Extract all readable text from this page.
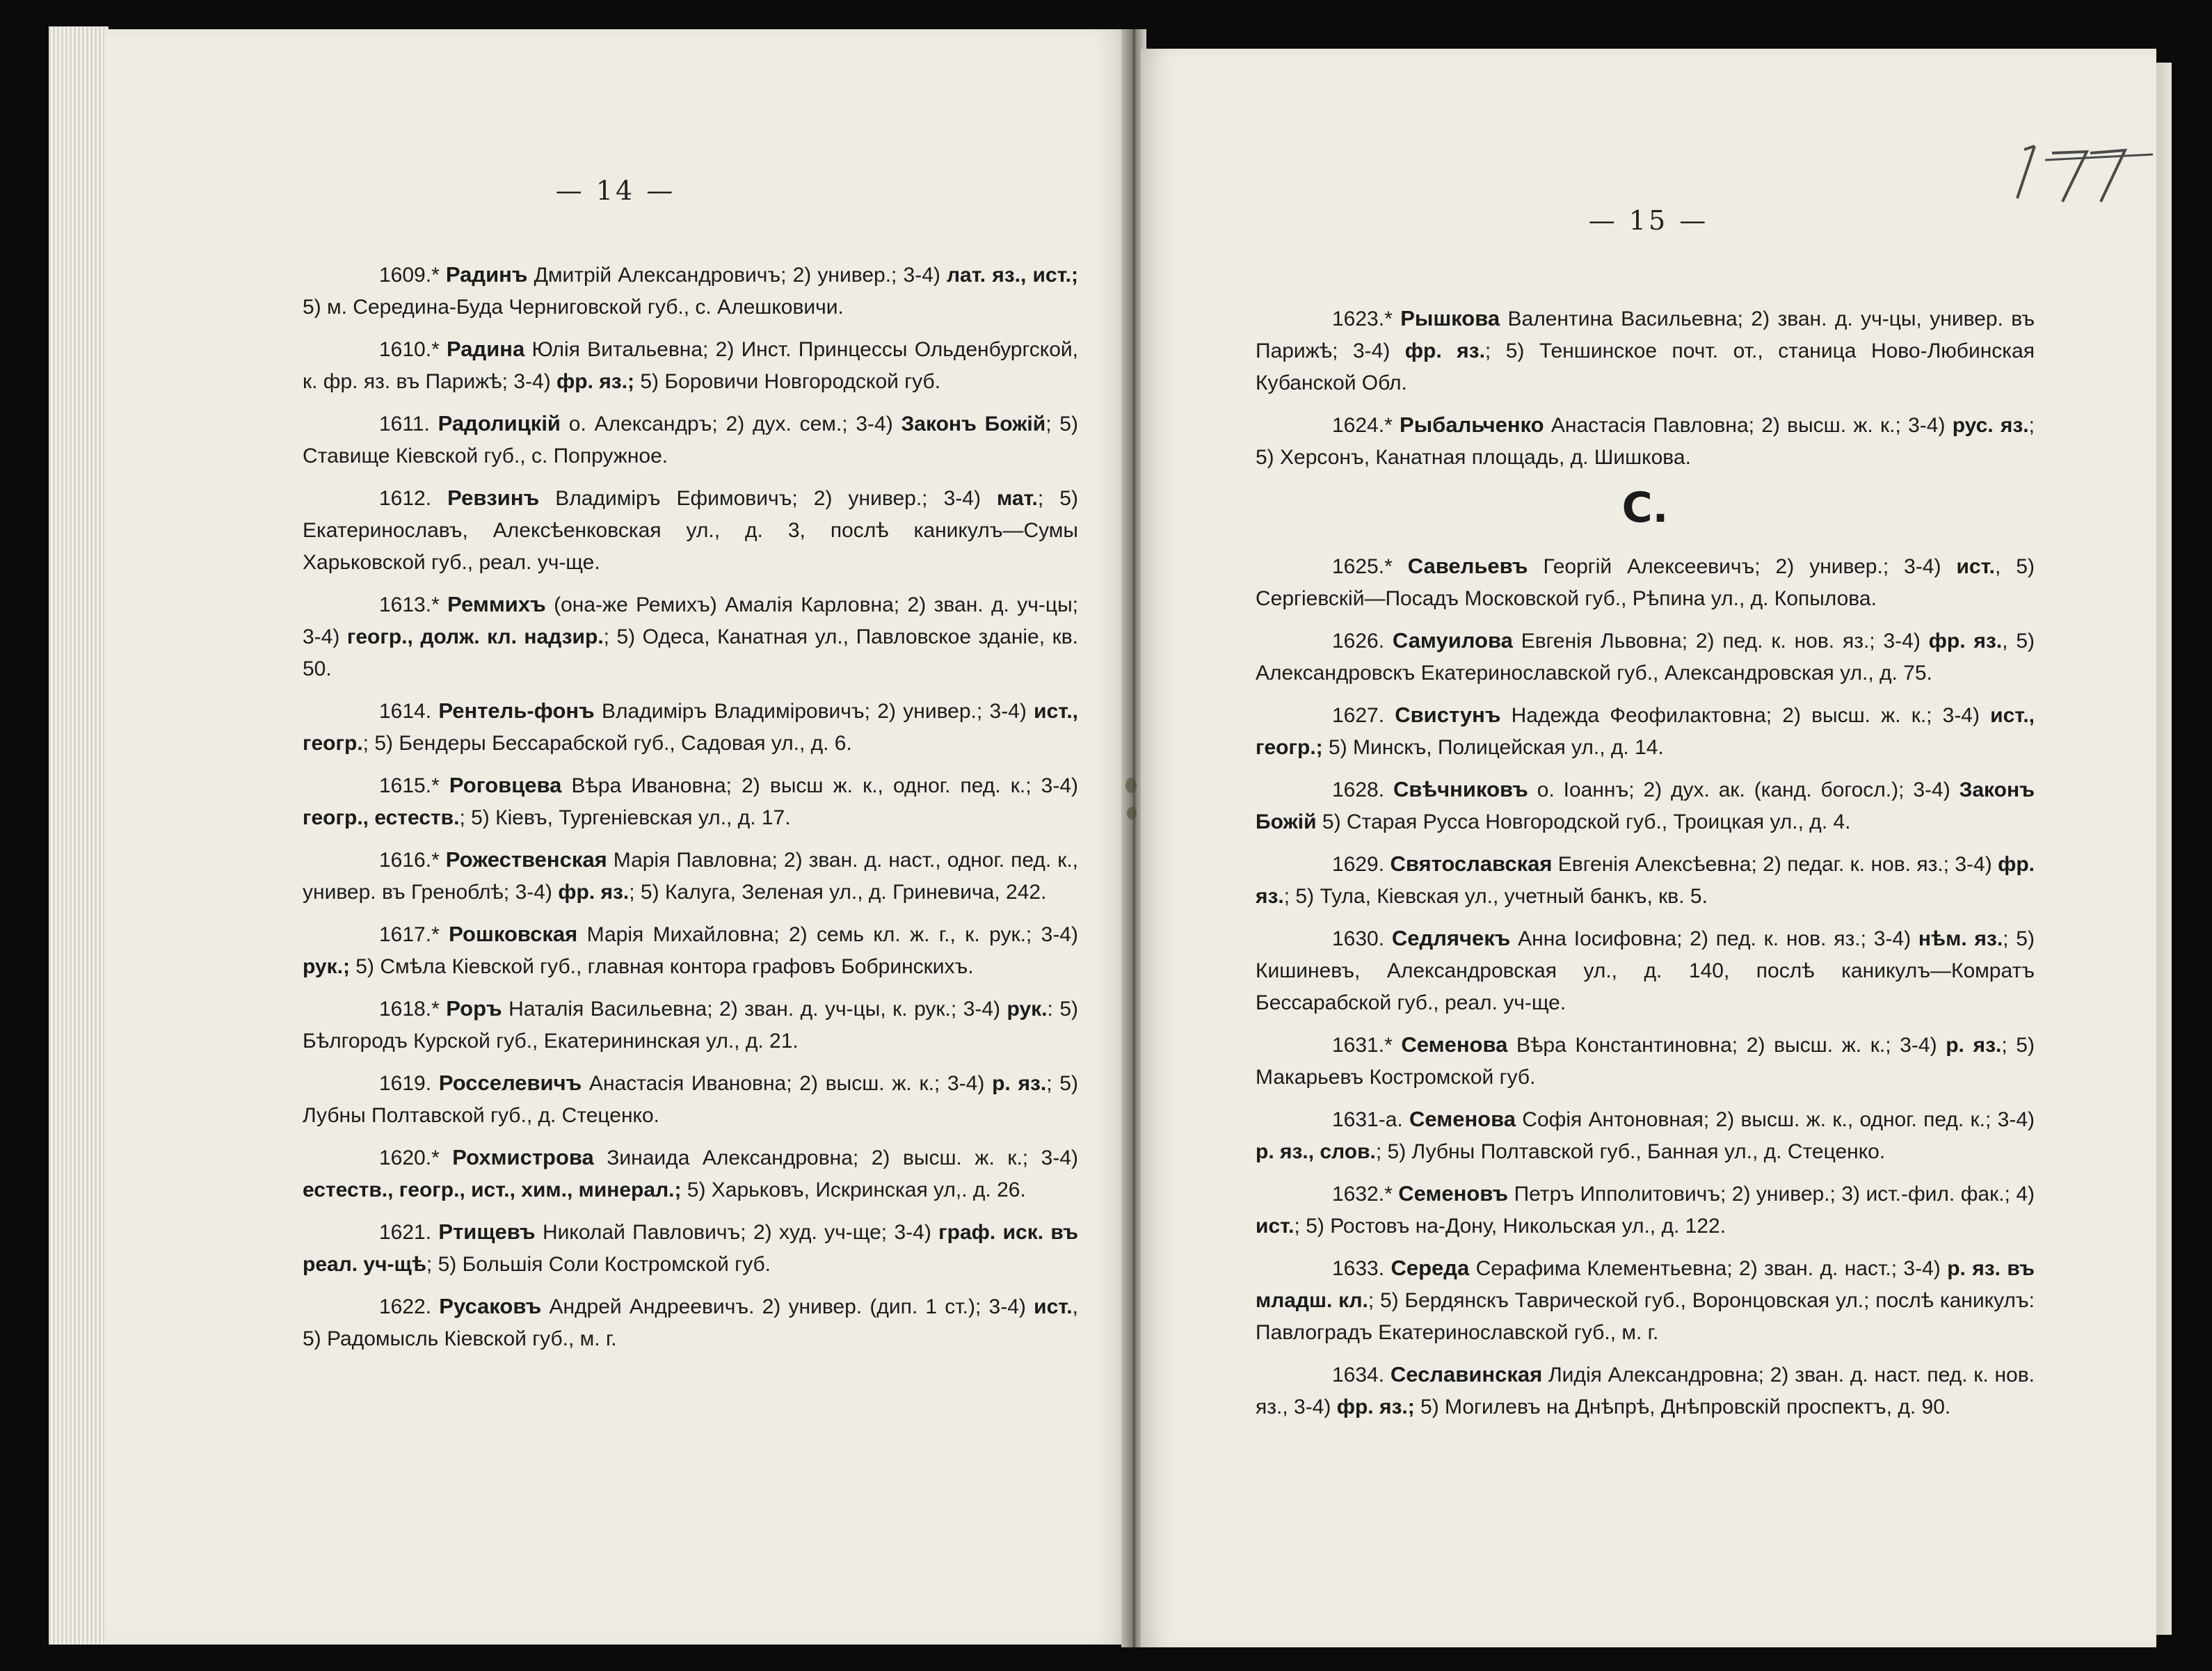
— 14 —

1609.* Радинъ Дмитрій Александровичъ; 2) универ.; 3-4) лат. яз., ист.; 5) м. Середина-Буда Черниговской губ., с. Алешковичи.

1610.* Радина Юлія Витальевна; 2) Инст. Принцессы Ольденбургской, к. фр. яз. въ Парижѣ; 3-4) фр. яз.; 5) Боровичи Новгородской губ.

1611. Радолицкій о. Александръ; 2) дух. сем.; 3-4) Законъ Божій; 5) Ставище Кіевской губ., с. Попружное.

1612. Ревзинъ Владиміръ Ефимовичъ; 2) универ.; 3-4) мат.; 5) Екатеринославъ, Алексѣенковская ул., д. 3, послѣ каникулъ—Сумы Харьковской губ., реал. уч-ще.

1613.* Реммихъ (она-же Ремихъ) Амалія Карловна; 2) зван. д. уч-цы; 3-4) геогр., долж. кл. надзир.; 5) Одеса, Канатная ул., Павловское зданіе, кв. 50.

1614. Рентель-фонъ Владиміръ Владиміровичъ; 2) универ.; 3-4) ист., геогр.; 5) Бендеры Бессарабской губ., Садовая ул., д. 6.

1615.* Роговцева Вѣра Ивановна; 2) высш ж. к., одног. пед. к.; 3-4) геогр., естеств.; 5) Кіевъ, Тургенiевская ул., д. 17.

1616.* Рожественская Марія Павловна; 2) зван. д. наст., одног. пед. к., универ. въ Греноблѣ; 3-4) фр. яз.; 5) Калуга, Зеленая ул., д. Гриневича, 242.

1617.* Рошковская Марія Михайловна; 2) семь кл. ж. г., к. рук.; 3-4) рук.; 5) Смѣла Кіевской губ., главная контора графовъ Бобринскихъ.

1618.* Роръ Наталія Васильевна; 2) зван. д. уч-цы, к. рук.; 3-4) рук.: 5) Бѣлгородъ Курской губ., Екатерининская ул., д. 21.

1619. Росселевичъ Анастасія Ивановна; 2) высш. ж. к.; 3-4) р. яз.; 5) Лубны Полтавской губ., д. Стеценко.

1620.* Рохмистрова Зинаида Александровна; 2) высш. ж. к.; 3-4) естеств., геогр., ист., хим., минерал.; 5) Харьковъ, Искринская ул,. д. 26.

1621. Ртищевъ Николай Павловичъ; 2) худ. уч-ще; 3-4) граф. иск. въ реал. уч-щѣ; 5) Большiя Соли Костромской губ.

1622. Русаковъ Андрей Андреевичъ. 2) универ. (дип. 1 ст.); 3-4) ист., 5) Радомысль Кіевской губ., м. г.

— 15 —

1623.* Рышкова Валентина Васильевна; 2) зван. д. уч-цы, универ. въ Парижѣ; 3-4) фр. яз.; 5) Теншинское почт. от., станица Ново-Любинская Кубанской Обл.

1624.* Рыбальченко Анастасія Павловна; 2) высш. ж. к.; 3-4) рус. яз.; 5) Херсонъ, Канатная площадь, д. Шишкова.

С.

1625.* Савельевъ Георгій Алексеевичъ; 2) универ.; 3-4) ист., 5) Сергіевскій—Посадъ Московской губ., Рѣпина ул., д. Копылова.

1626. Самуилова Евгенія Львовна; 2) пед. к. нов. яз.; 3-4) фр. яз., 5) Александровскъ Екатеринославской губ., Александровская ул., д. 75.

1627. Свистунъ Надежда Феофилактовна; 2) высш. ж. к.; 3-4) ист., геогр.; 5) Минскъ, Полицейская ул., д. 14.

1628. Свѣчниковъ о. Іоаннъ; 2) дух. ак. (канд. богосл.); 3-4) Законъ Божій 5) Старая Русса Новгородской губ., Троицкая ул., д. 4.

1629. Святославская Евгенія Алексѣевна; 2) педаг. к. нов. яз.; 3-4) фр. яз.; 5) Тула, Кіевская ул., учетный банкъ, кв. 5.

1630. Седлячекъ Анна Іосифовна; 2) пед. к. нов. яз.; 3-4) нѣм. яз.; 5) Кишиневъ, Александровская ул., д. 140, послѣ каникулъ—Комратъ Бессарабской губ., реал. уч-ще.

1631.* Семенова Вѣра Константиновна; 2) высш. ж. к.; 3-4) р. яз.; 5) Макарьевъ Костромской губ.

1631-а. Семенова Софія Антоновная; 2) высш. ж. к., одног. пед. к.; 3-4) р. яз., слов.; 5) Лубны Полтавской губ., Банная ул., д. Стеценко.

1632.* Семеновъ Петръ Ипполитовичъ; 2) универ.; 3) ист.-фил. фак.; 4) ист.; 5) Ростовъ на-Дону, Никольская ул., д. 122.

1633. Середа Серафима Клементьевна; 2) зван. д. наст.; 3-4) р. яз. въ младш. кл.; 5) Бердянскъ Таврической губ., Воронцовская ул.; послѣ каникулъ: Павлоградъ Екатеринославской губ., м. г.

1634. Сеславинская Лидія Александровна; 2) зван. д. наст. пед. к. нов. яз., 3-4) фр. яз.; 5) Могилевъ на Днѣпрѣ, Днѣпровскій проспектъ, д. 90.
